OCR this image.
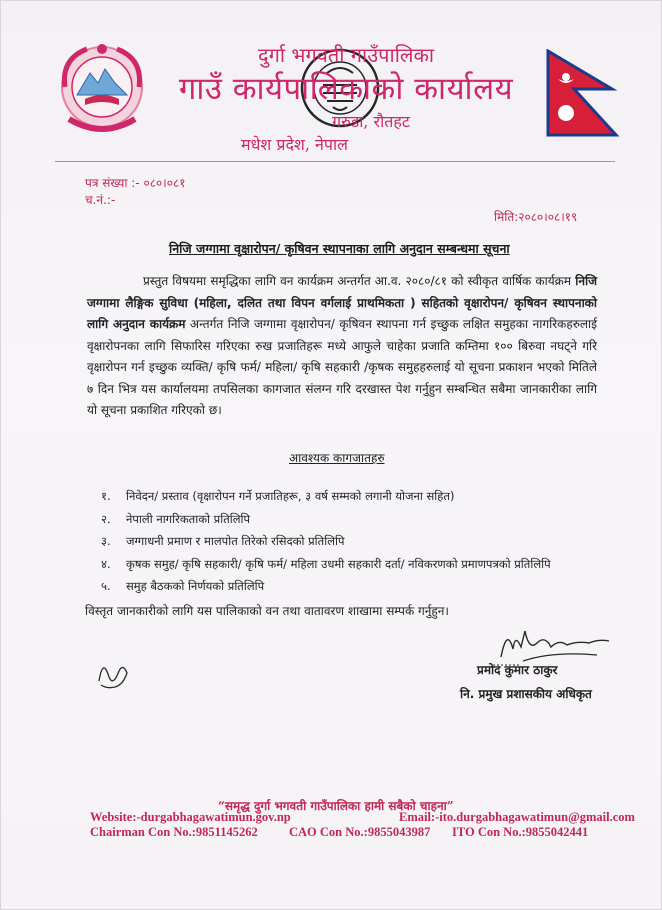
दुर्गा भगवती गाउँपालिका
गाउँ कार्यपालिकाको कार्यालय
गरुडा, रौतहट
मधेश प्रदेश, नेपाल
पत्र संख्या :- ०८०।०८१
च.नं.:-
मिति:२०८०।०८।१९
निजि जग्गामा वृक्षारोपन/ कृषिवन स्थापनाका लागि अनुदान सम्बन्धमा सूचना
प्रस्तुत विषयमा समृद्धिका लागि वन कार्यक्रम अन्तर्गत आ.व. २०८०/८१ को स्वीकृत वार्षिक कार्यक्रम निजि जग्गामा लैङ्गिक सुविधा (महिला, दलित तथा विपन वर्गलाई प्राथमिकता ) सहितको वृक्षारोपन/ कृषिवन स्थापनाको लागि अनुदान कार्यक्रम अन्तर्गत निजि जग्गामा वृक्षारोपन/ कृषिवन स्थापना गर्न इच्छुक लक्षित समुहका नागरिकहरुलाई वृक्षारोपनका लागि सिफारिस गरिएका रुख प्रजातिहरू मध्ये आफुले चाहेका प्रजाति कम्तिमा १०० बिरुवा नघट्ने गरि वृक्षारोपन गर्न इच्छुक व्यक्ति/ कृषि फर्म/ महिला/ कृषि सहकारी /कृषक समुहहरुलाई यो सूचना प्रकाशन भएको मितिले ७ दिन भित्र यस कार्यालयमा तपसिलका कागजात संलग्न गरि दरखास्त पेश गर्नुहुन सम्बन्धित सबैमा जानकारीका लागि यो सूचना प्रकाशित गरिएको छ।
आवश्यक कागजातहरु
१. निवेदन/ प्रस्ताव (वृक्षारोपन गर्ने प्रजातिहरू, ३ वर्ष सम्मको लगानी योजना सहित)
२. नेपाली नागरिकताको प्रतिलिपि
३. जग्गाधनी प्रमाण र मालपोत तिरेको रसिदको प्रतिलिपि
४. कृषक समुह/ कृषि सहकारी/ कृषि फर्म/ महिला उधमी सहकारी दर्ता/ नविकरणको प्रमाणपत्रको प्रतिलिपि
५. समुह बैठकको निर्णयको प्रतिलिपि
विस्तृत जानकारीको लागि यस पालिकाको वन तथा वातावरण शाखामा सम्पर्क गर्नुहुन।
प्रमोद कुमार ठाकुर
नि. प्रमुख प्रशासकीय अधिकृत
“समृद्ध दुर्गा भगवती गाउँपालिका हामी सबैको चाहना”
Website:-durgabhagawatimun.gov.np	Email:-ito.durgabhagawatimun@gmail.com
Chairman Con No.:9851145262	CAO Con No.:9855043987 ITO Con No.:9855042441
